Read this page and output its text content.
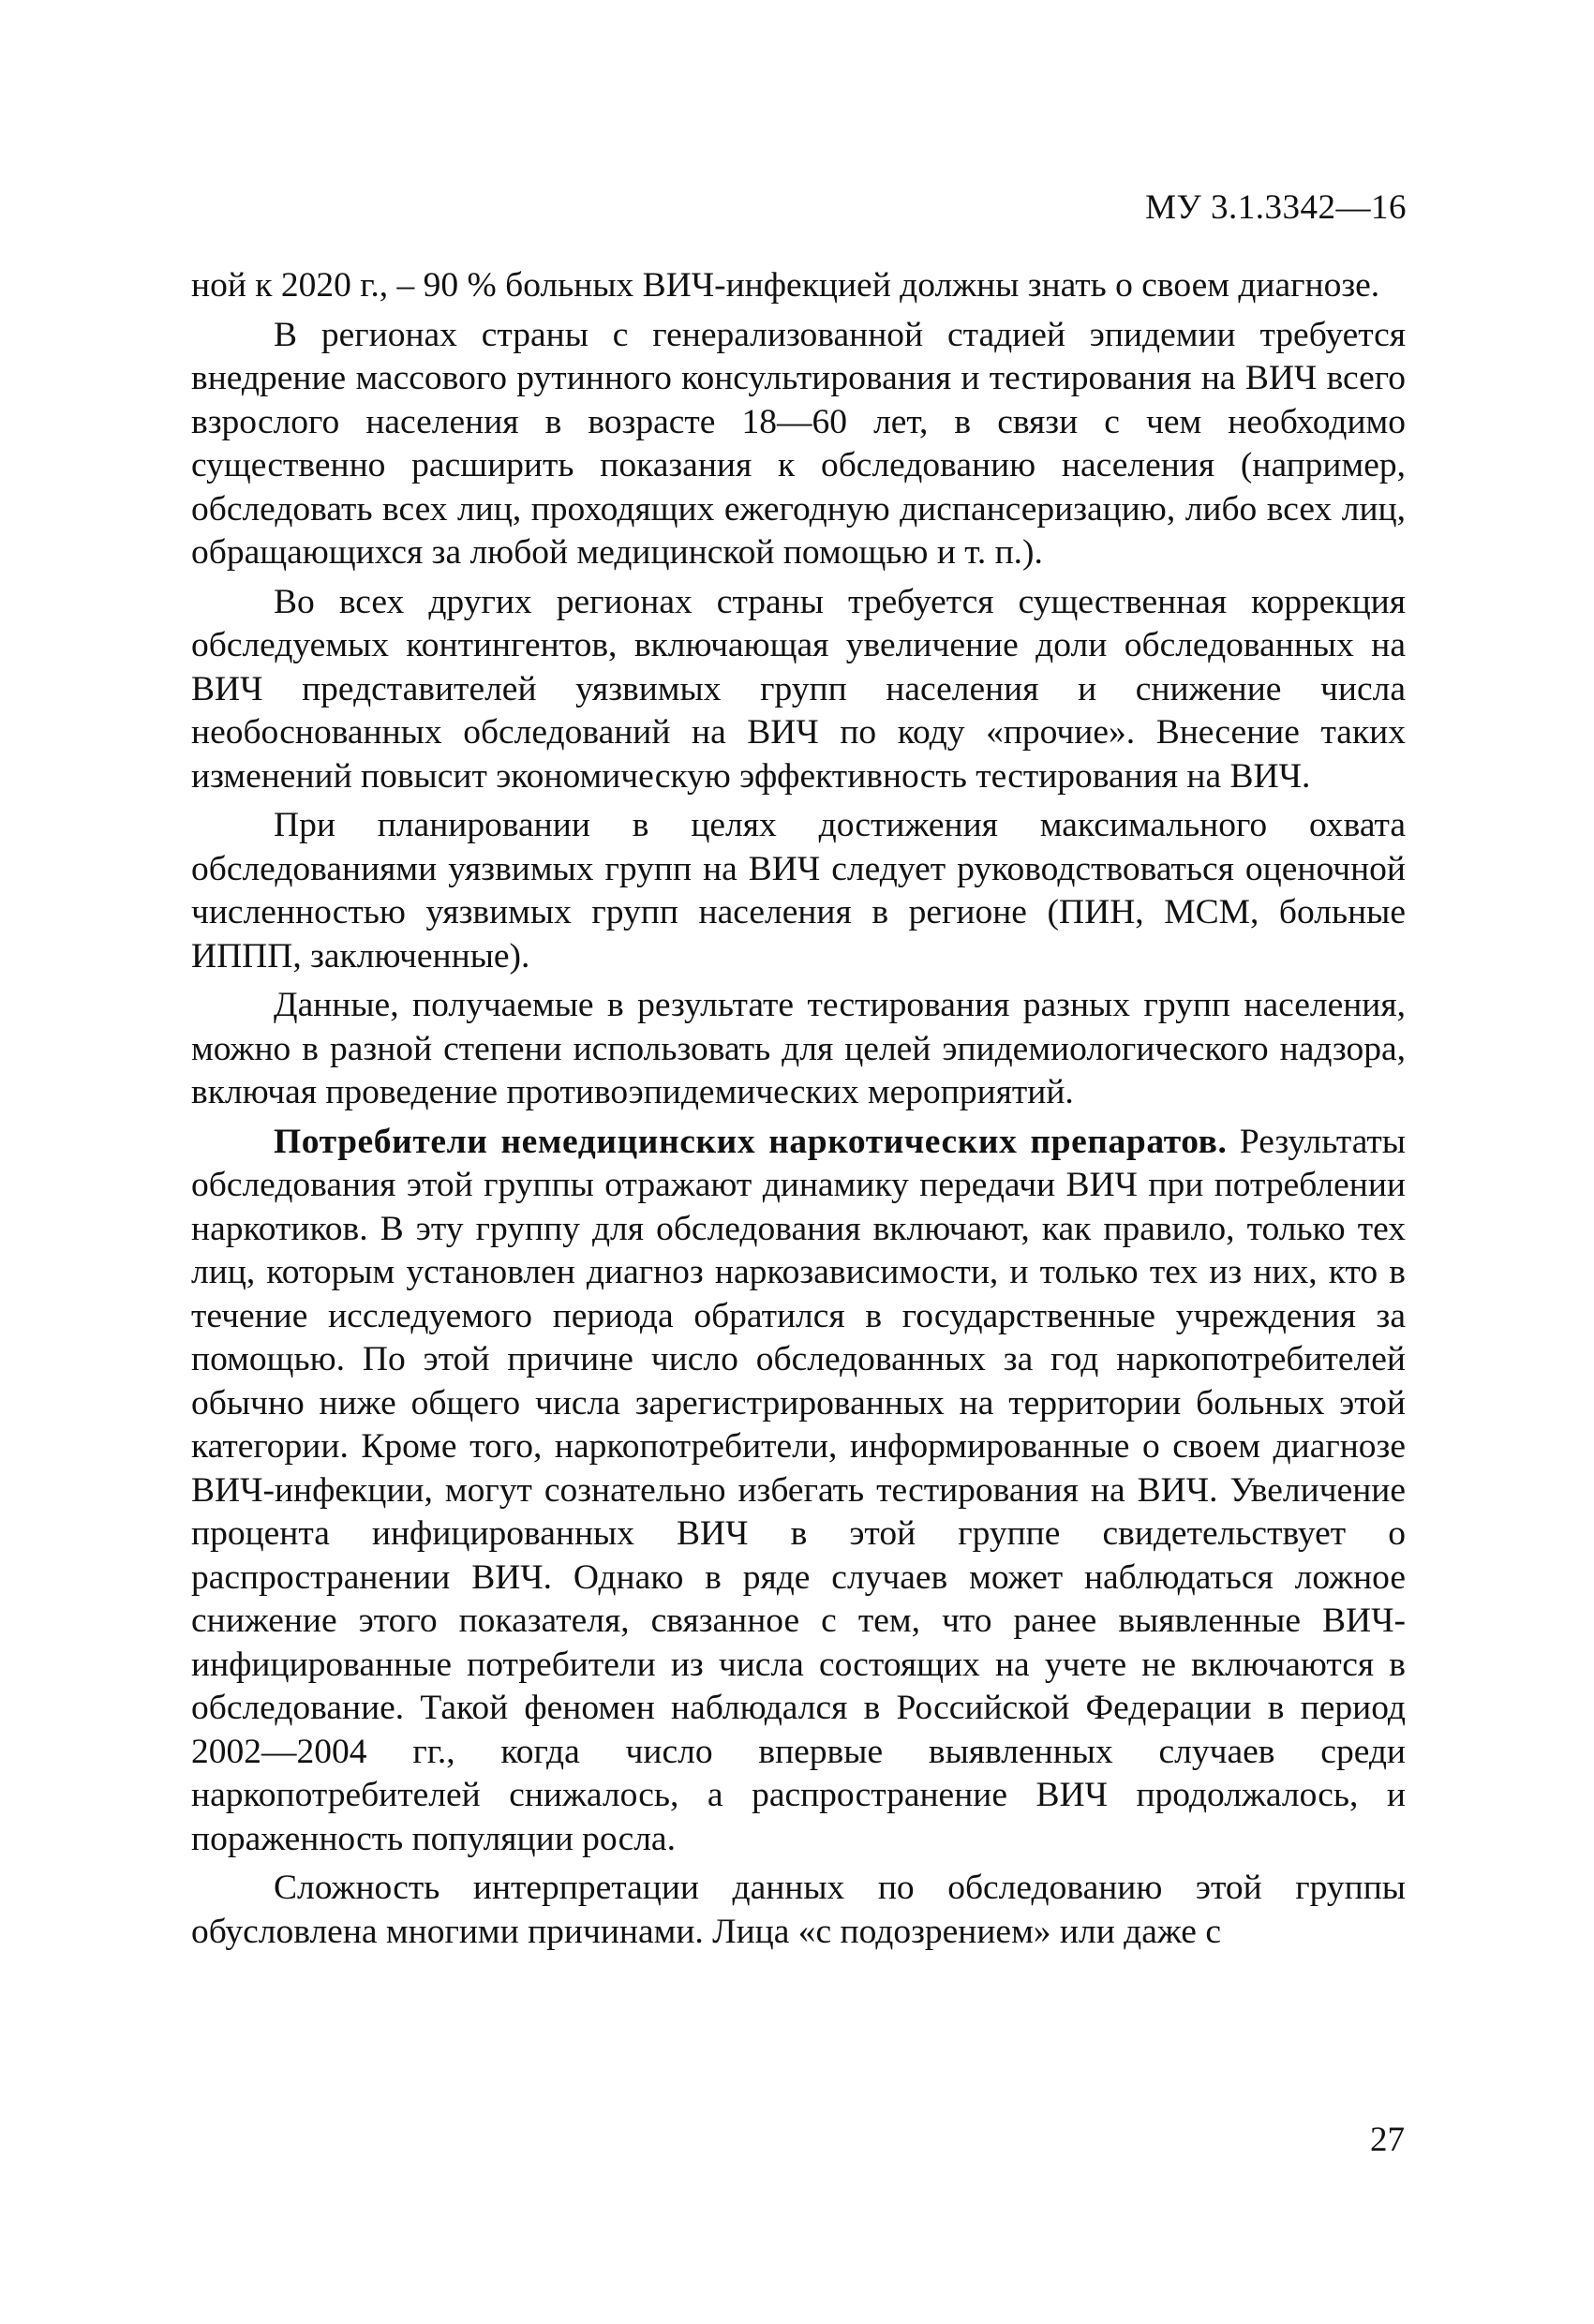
МУ 3.1.3342—16

ной к 2020 г., – 90 % больных ВИЧ-инфекцией должны знать о своем диагнозе.

В регионах страны с генерализованной стадией эпидемии требуется внедрение массового рутинного консультирования и тестирования на ВИЧ всего взрослого населения в возрасте 18—60 лет, в связи с чем необходимо существенно расширить показания к обследованию населения (например, обследовать всех лиц, проходящих ежегодную диспансеризацию, либо всех лиц, обращающихся за любой медицинской помощью и т. п.).

Во всех других регионах страны требуется существенная коррекция обследуемых контингентов, включающая увеличение доли обследованных на ВИЧ представителей уязвимых групп населения и снижение числа необоснованных обследований на ВИЧ по коду «прочие». Внесение таких изменений повысит экономическую эффективность тестирования на ВИЧ.

При планировании в целях достижения максимального охвата обследованиями уязвимых групп на ВИЧ следует руководствоваться оценочной численностью уязвимых групп населения в регионе (ПИН, МСМ, больные ИППП, заключенные).

Данные, получаемые в результате тестирования разных групп населения, можно в разной степени использовать для целей эпидемиологического надзора, включая проведение противоэпидемических мероприятий.

Потребители немедицинских наркотических препаратов. Результаты обследования этой группы отражают динамику передачи ВИЧ при потреблении наркотиков. В эту группу для обследования включают, как правило, только тех лиц, которым установлен диагноз наркозависимости, и только тех из них, кто в течение исследуемого периода обратился в государственные учреждения за помощью. По этой причине число обследованных за год наркопотребителей обычно ниже общего числа зарегистрированных на территории больных этой категории. Кроме того, наркопотребители, информированные о своем диагнозе ВИЧ-инфекции, могут сознательно избегать тестирования на ВИЧ. Увеличение процента инфицированных ВИЧ в этой группе свидетельствует о распространении ВИЧ. Однако в ряде случаев может наблюдаться ложное снижение этого показателя, связанное с тем, что ранее выявленные ВИЧ-инфицированные потребители из числа состоящих на учете не включаются в обследование. Такой феномен наблюдался в Российской Федерации в период 2002—2004 гг., когда число впервые выявленных случаев среди наркопотребителей снижалось, а распространение ВИЧ продолжалось, и пораженность популяции росла.

Сложность интерпретации данных по обследованию этой группы обусловлена многими причинами. Лица «с подозрением» или даже с

27
